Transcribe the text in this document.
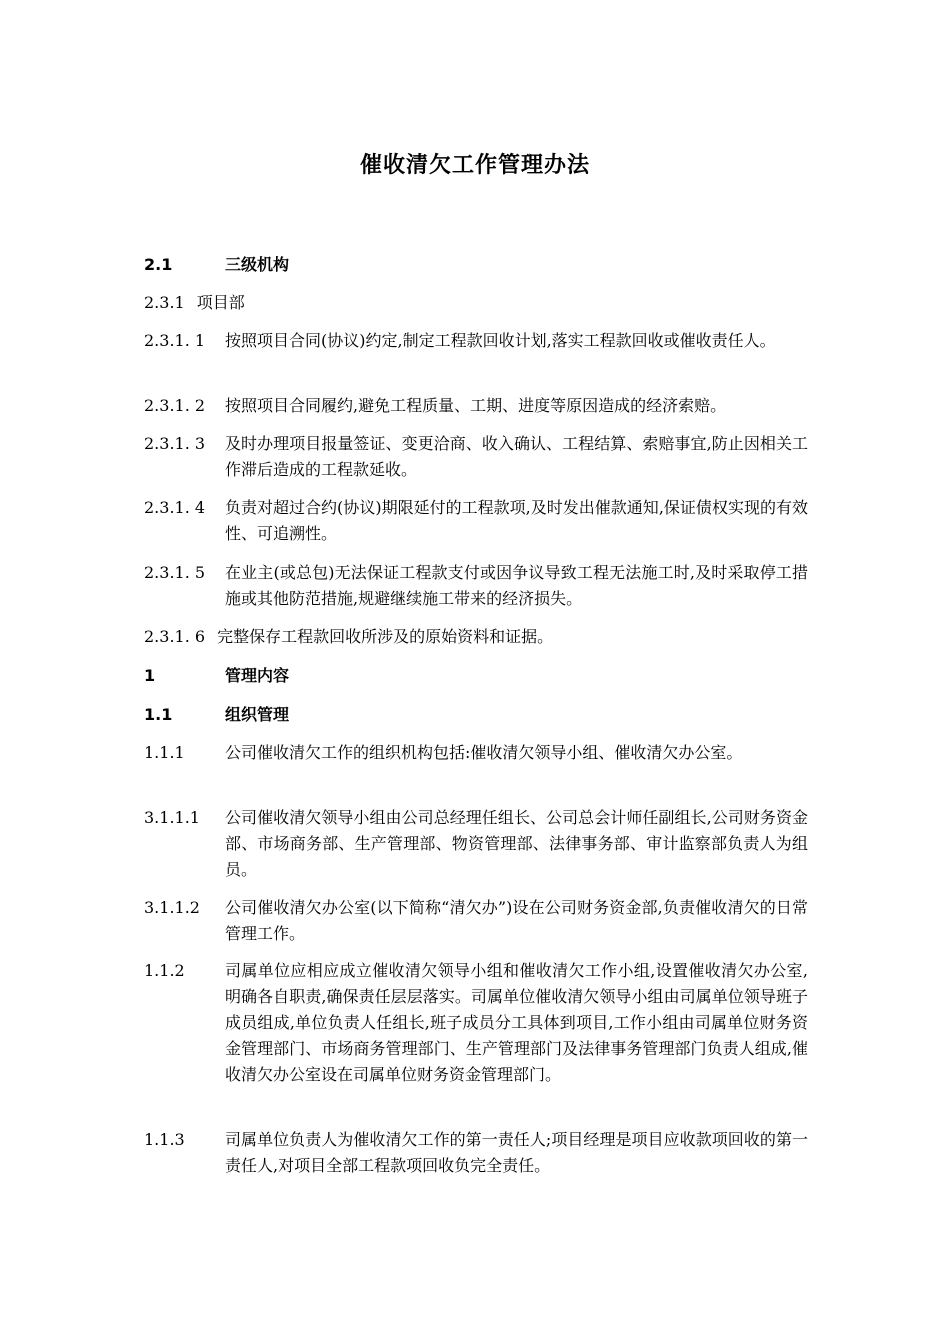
催收清欠工作管理办法
2.1	三级机构
2.3.1 项目部
2.3.1. 1 按照项目合同(协议)约定,制定工程款回收计划,落实工程款回收或催收责任人。
2.3.1. 2 按照项目合同履约,避免工程质量、工期、进度等原因造成的经济索赔。
2.3.1. 3 及时办理项目报量签证、变更洽商、收入确认、工程结算、索赔事宜,防止因相关工作滞后造成的工程款延收。
2.3.1. 4 负责对超过合约(协议)期限延付的工程款项,及时发出催款通知,保证债权实现的有效性、可追溯性。
2.3.1. 5 在业主(或总包)无法保证工程款支付或因争议导致工程无法施工时,及时采取停工措施或其他防范措施,规避继续施工带来的经济损失。
2.3.1. 6 完整保存工程款回收所涉及的原始资料和证据。
1	管理内容
1.1	组织管理
1.1.1	公司催收清欠工作的组织机构包括:催收清欠领导小组、催收清欠办公室。
3.1.1.1 公司催收清欠领导小组由公司总经理任组长、公司总会计师任副组长,公司财务资金部、市场商务部、生产管理部、物资管理部、法律事务部、审计监察部负责人为组员。
3.1.1.2 公司催收清欠办公室(以下简称“清欠办”)设在公司财务资金部,负责催收清欠的日常管理工作。
1.1.2	司属单位应相应成立催收清欠领导小组和催收清欠工作小组,设置催收清欠办公室,明确各自职责,确保责任层层落实。司属单位催收清欠领导小组由司属单位领导班子成员组成,单位负责人任组长,班子成员分工具体到项目,工作小组由司属单位财务资金管理部门、市场商务管理部门、生产管理部门及法律事务管理部门负责人组成,催收清欠办公室设在司属单位财务资金管理部门。
1.1.3	司属单位负责人为催收清欠工作的第一责任人;项目经理是项目应收款项回收的第一责任人,对项目全部工程款项回收负完全责任。
